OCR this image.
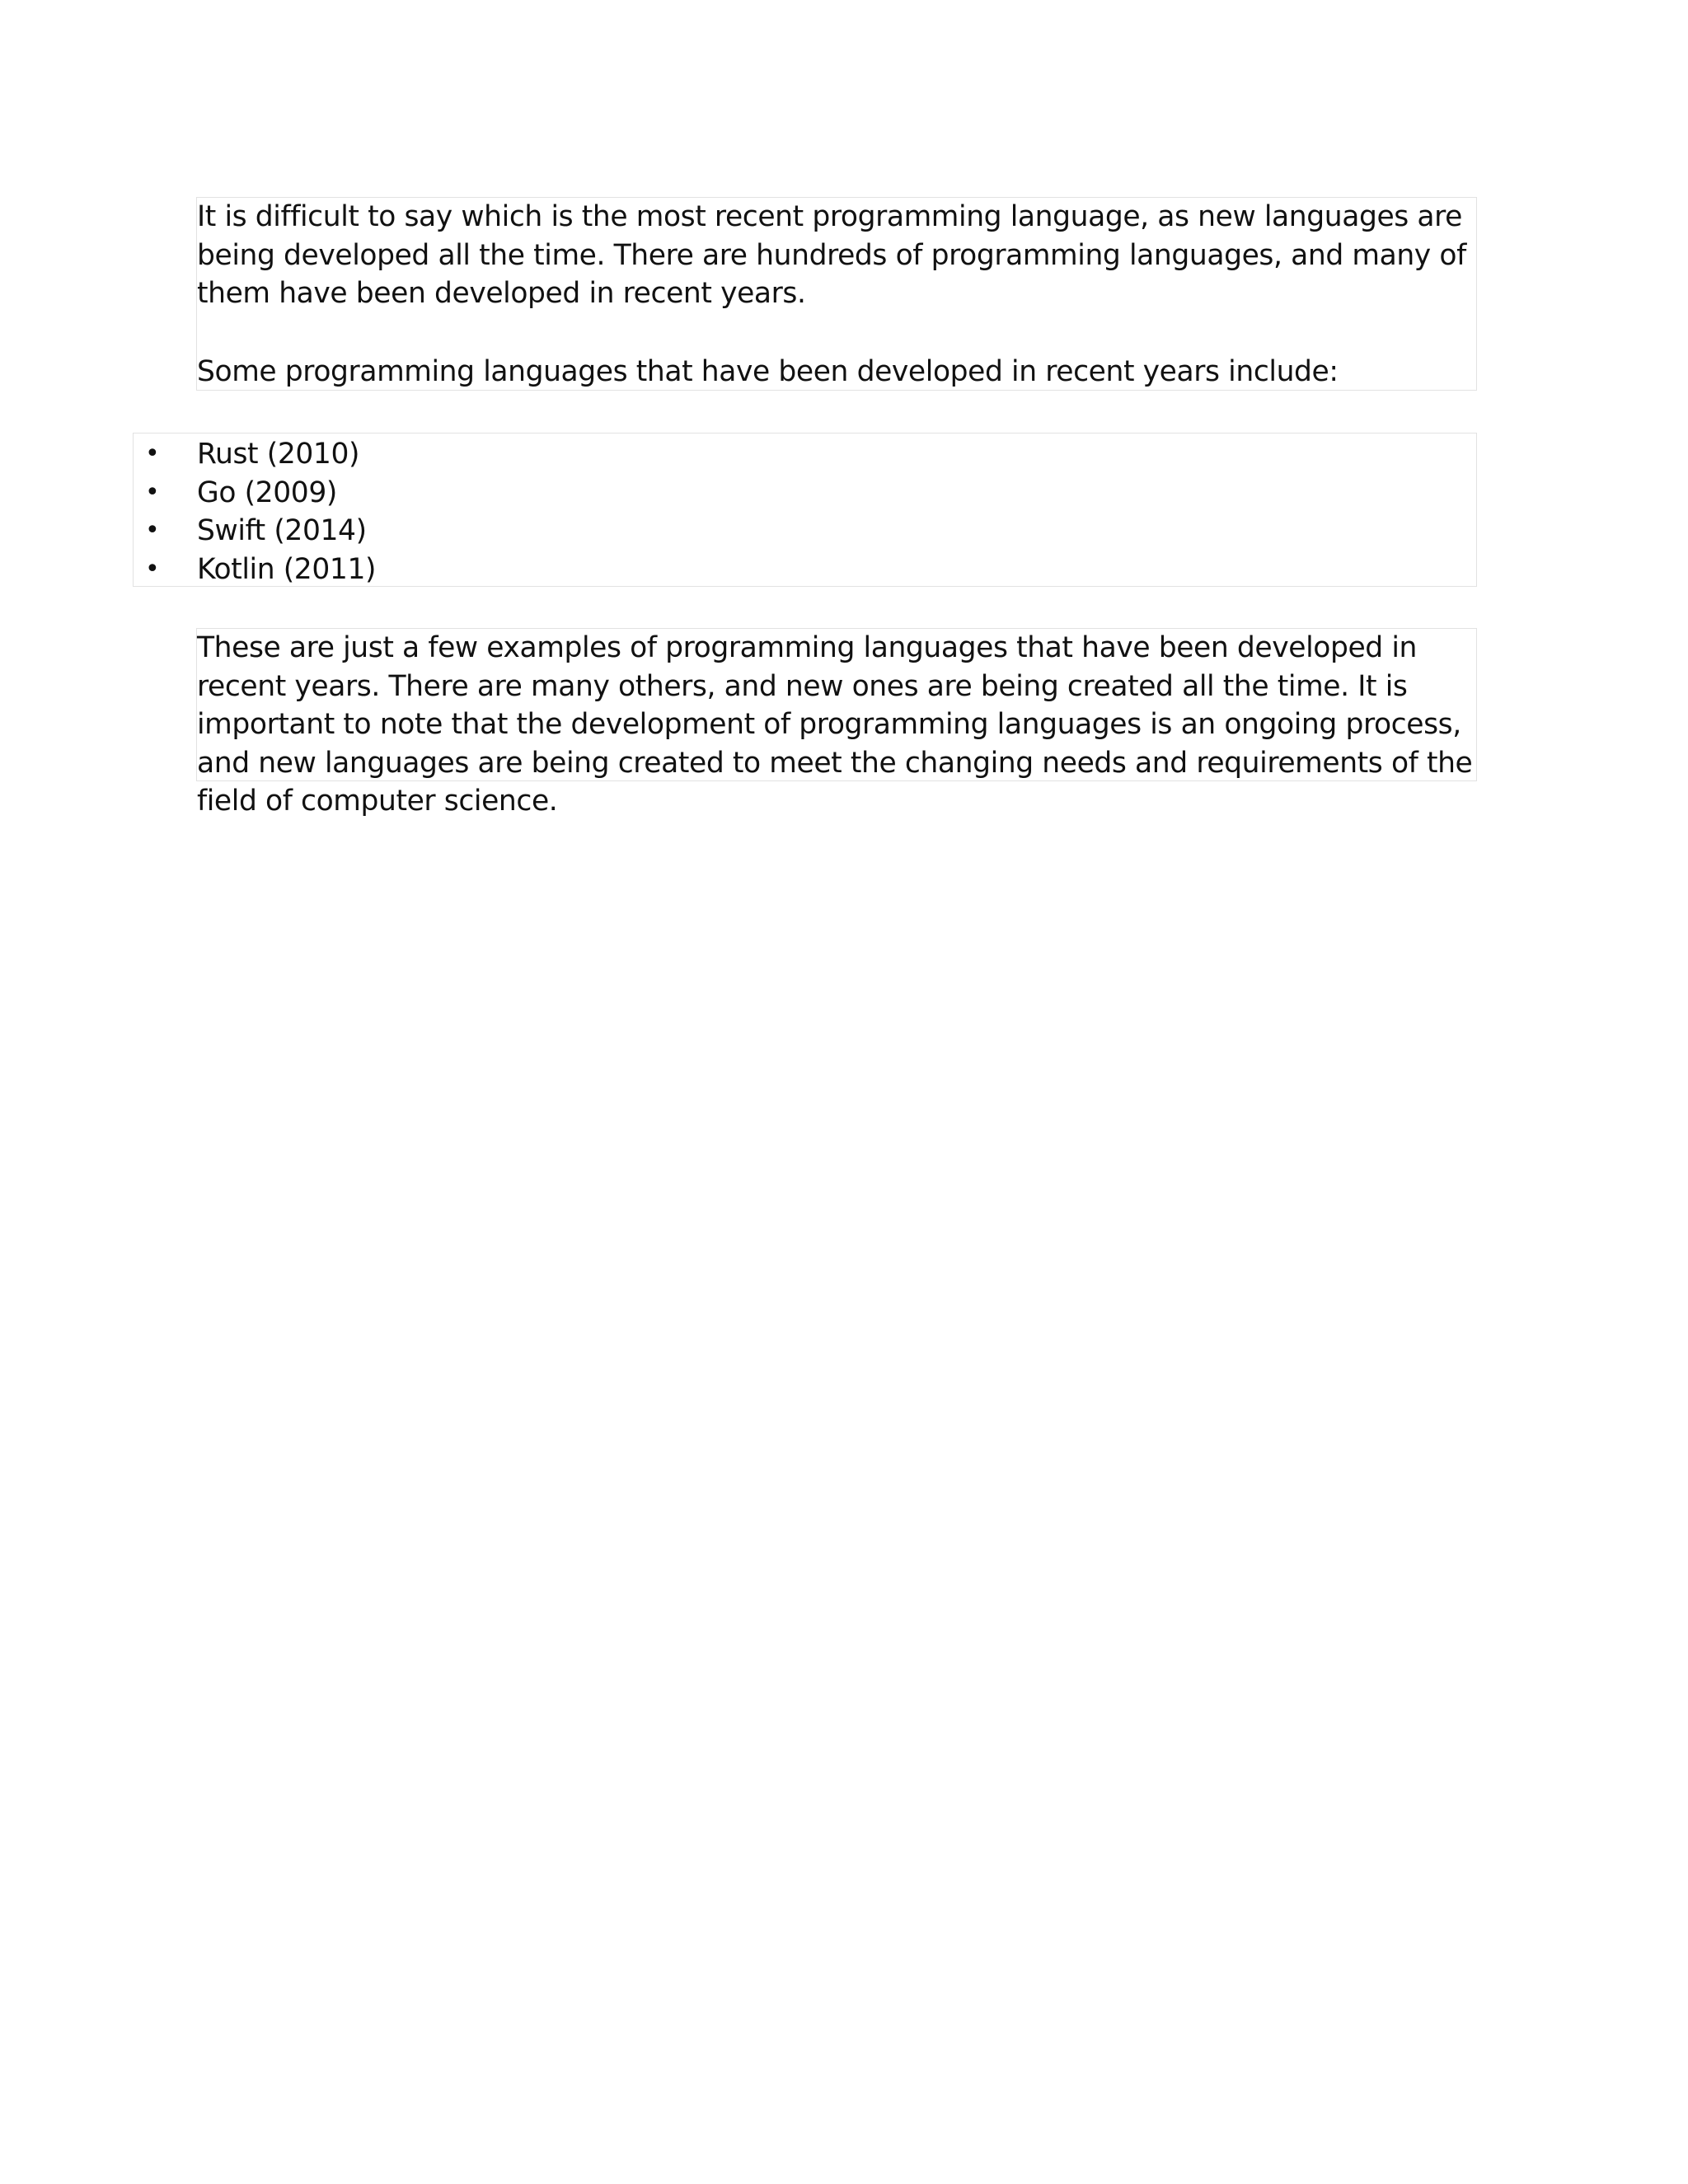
It is difficult to say which is the most recent programming language, as new languages are being developed all the time. There are hundreds of programming languages, and many of them have been developed in recent years.

Some programming languages that have been developed in recent years include:

• Rust (2010)
• Go (2009)
• Swift (2014)
• Kotlin (2011)

These are just a few examples of programming languages that have been developed in recent years. There are many others, and new ones are being created all the time. It is important to note that the development of programming languages is an ongoing process, and new languages are being created to meet the changing needs and requirements of the field of computer science.
